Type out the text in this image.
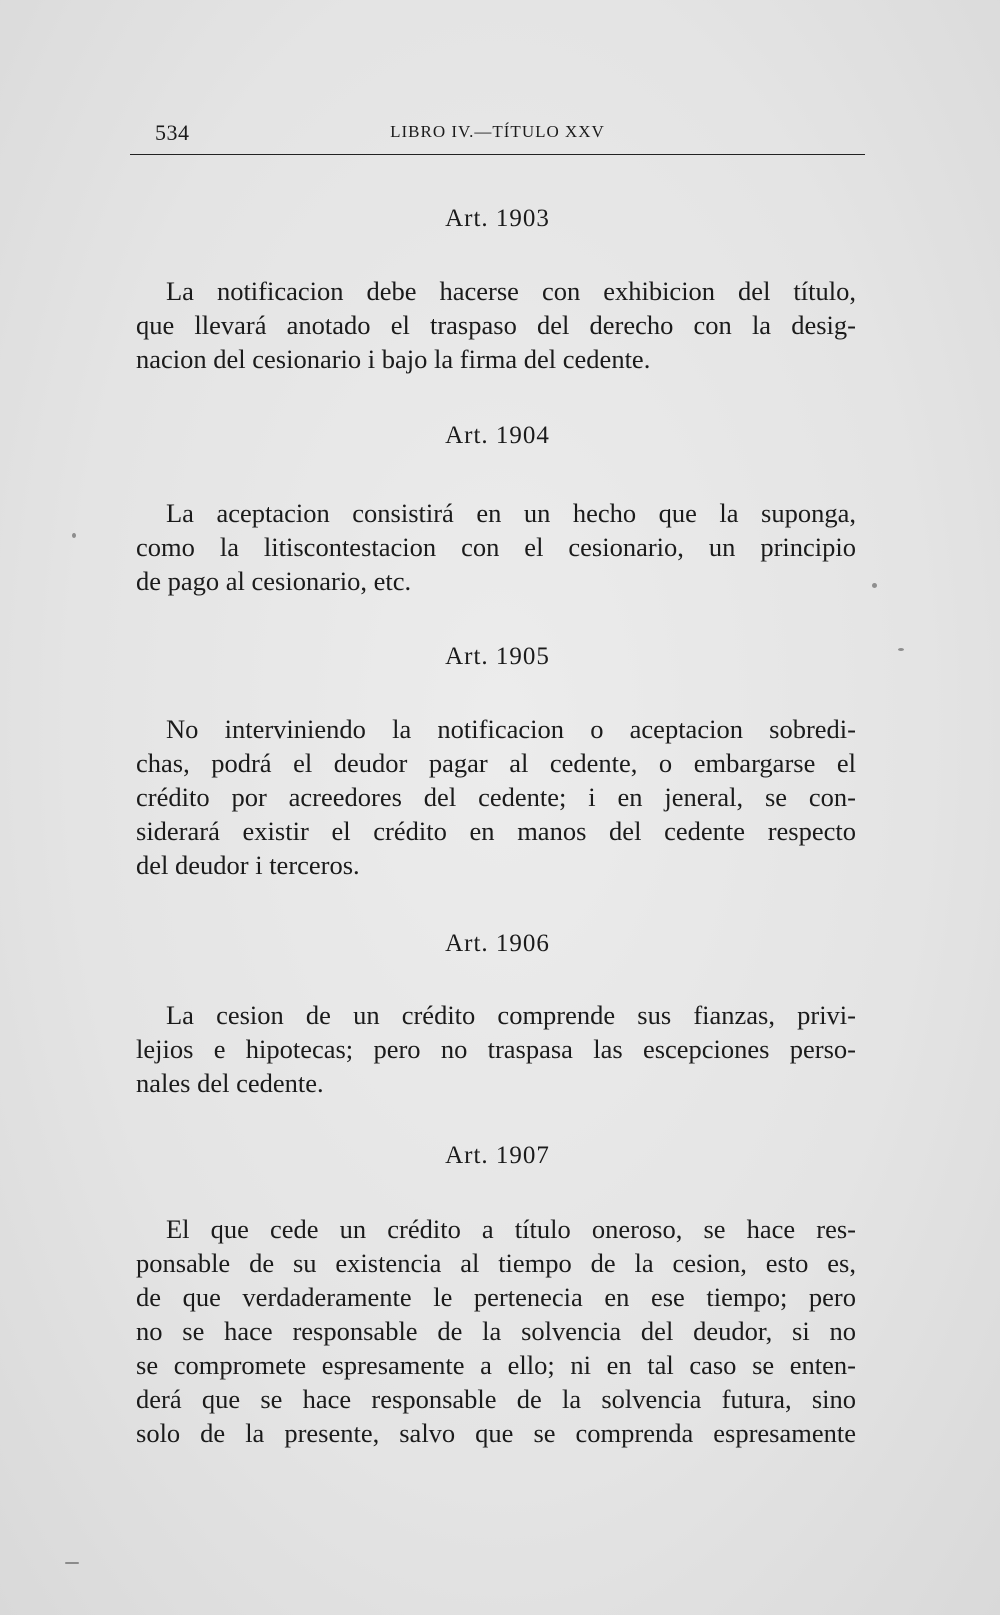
534	LIBRO IV.—TÍTULO XXV
Art. 1903
La notificacion debe hacerse con exhibicion del título,
que llevará anotado el traspaso del derecho con la desig-
nacion del cesionario i bajo la firma del cedente.
Art. 1904
La aceptacion consistirá en un hecho que la suponga,
como la litiscontestacion con el cesionario, un principio
de pago al cesionario, etc.
Art. 1905
No interviniendo la notificacion o aceptacion sobredi-
chas, podrá el deudor pagar al cedente, o embargarse el
crédito por acreedores del cedente; i en jeneral, se con-
siderará existir el crédito en manos del cedente respecto
del deudor i terceros.
Art. 1906
La cesion de un crédito comprende sus fianzas, privi-
lejios e hipotecas; pero no traspasa las escepciones perso-
nales del cedente.
Art. 1907
El que cede un crédito a título oneroso, se hace res-
ponsable de su existencia al tiempo de la cesion, esto es,
de que verdaderamente le pertenecia en ese tiempo; pero
no se hace responsable de la solvencia del deudor, si no
se compromete espresamente a ello; ni en tal caso se enten-
derá que se hace responsable de la solvencia futura, sino
solo de la presente, salvo que se comprenda espresamente
